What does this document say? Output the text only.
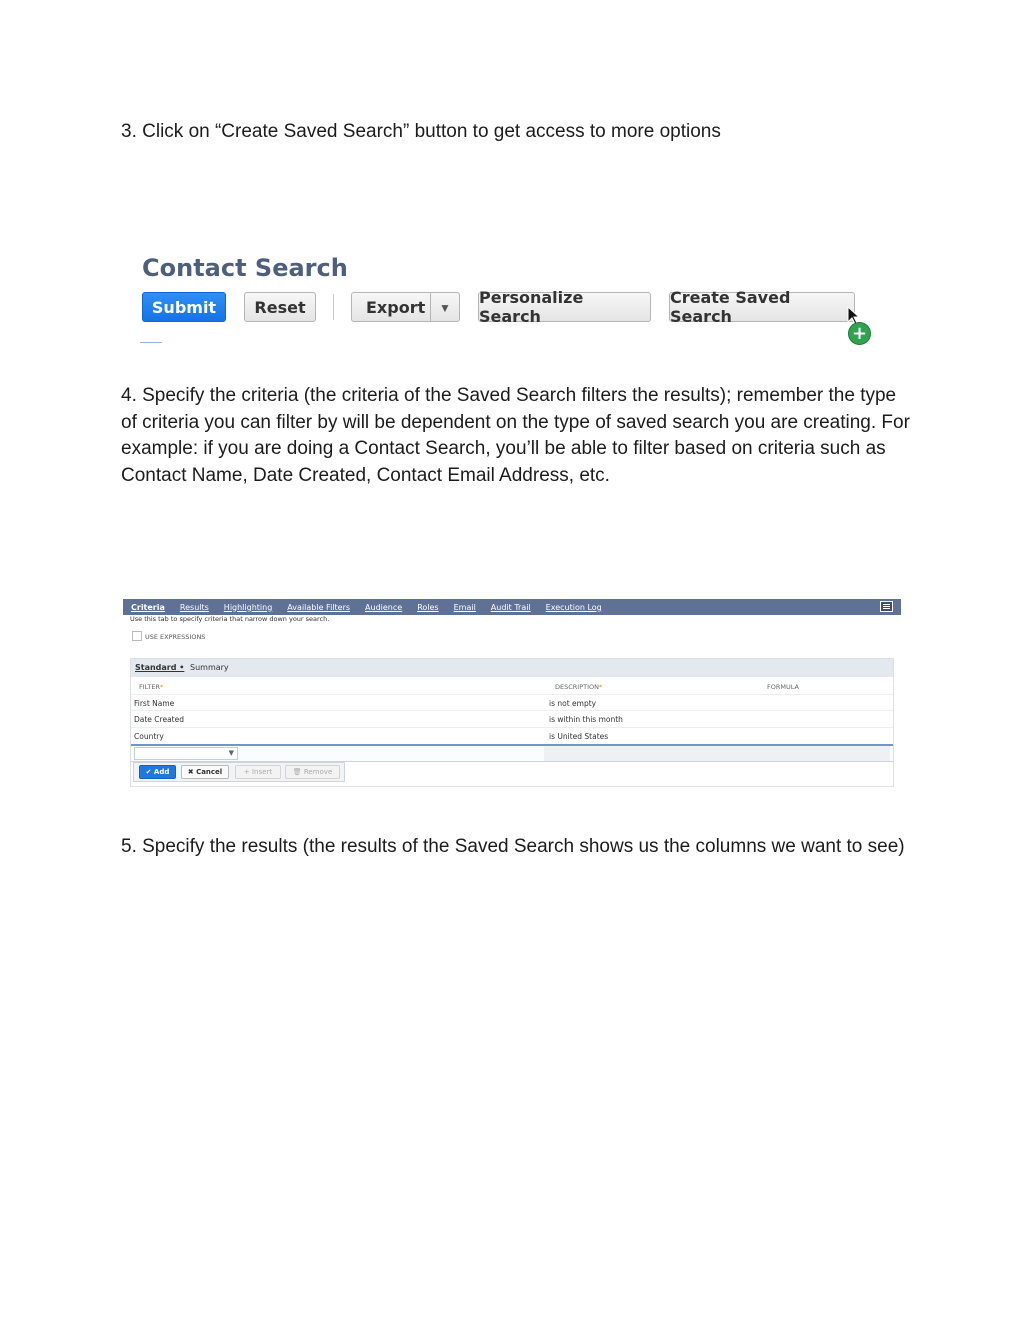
3. Click on “Create Saved Search” button to get access to more options

Contact Search
Submit	Reset	Export ▼
Personalize Search
Create Saved Search
+

4. Specify the criteria (the criteria of the Saved Search filters the results); remember the type of criteria you can filter by will be dependent on the type of saved search you are creating. For example: if you are doing a Contact Search, you’ll be able to filter based on criteria such as Contact Name, Date Created, Contact Email Address, etc.

Criteria Results Highlighting Available Filters Audience Roles Email Audit Trail Execution Log
Use this tab to specify criteria that narrow down your search.
USE EXPRESSIONS
Standard • Summary
FILTER*	DESCRIPTION*	FORMULA
First Name	is not empty
Date Created	is within this month
Country	is United States
▼
✔ Add	✖ Cancel	+ Insert	🗑 Remove

5. Specify the results (the results of the Saved Search shows us the columns we want to see)
